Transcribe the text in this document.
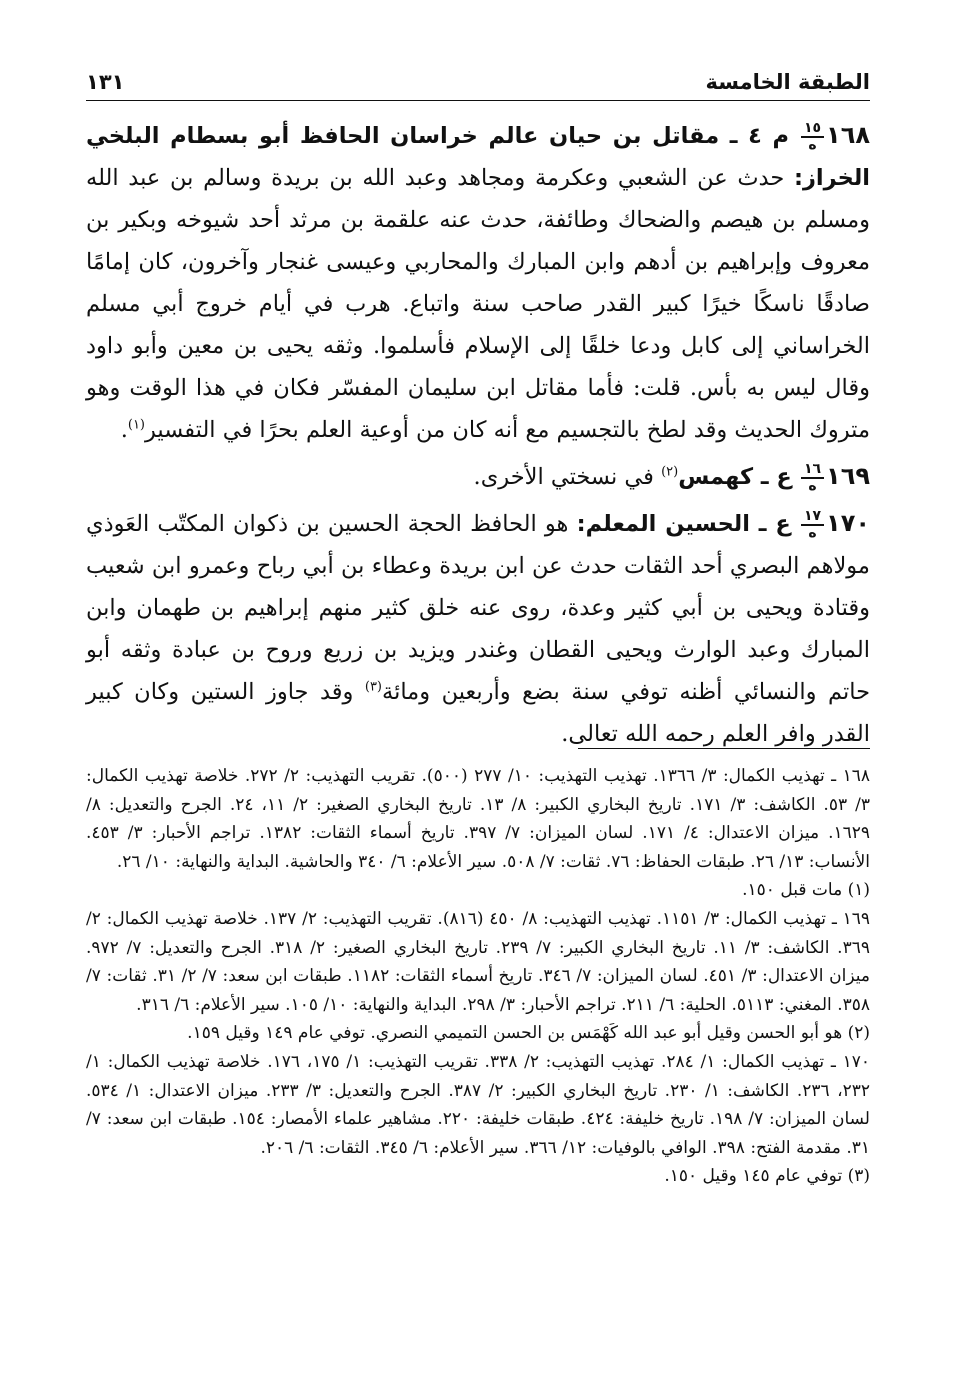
الطبقة الخامسة
١٣١

١٦٨
$\frac{١٥}{\text{ه}}$
م ٤ ـ مقاتل بن حيان عالم خراسان الحافظ أبو بسطام البلخي الخراز: حدث عن الشعبي وعكرمة ومجاهد وعبد الله بن بريدة وسالم بن عبد الله ومسلم بن هيصم والضحاك وطائفة، حدث عنه علقمة بن مرثد أحد شيوخه وبكير بن معروف وإبراهيم بن أدهم وابن المبارك والمحاربي وعيسى غنجار وآخرون، كان إمامًا صادقًا ناسكًا خيرًا كبير القدر صاحب سنة واتباع. هرب في أيام خروج أبي مسلم الخراساني إلى كابل ودعا خلقًا إلى الإسلام فأسلموا. وثقه يحيى بن معين وأبو داود وقال ليس به بأس. قلت: فأما مقاتل ابن سليمان المفسّر فكان في هذا الوقت وهو متروك الحديث وقد لطخ بالتجسيم مع أنه كان من أوعية العلم بحرًا في التفسير$^{(١)}$.

١٦٩
$\frac{١٦}{\text{ه}}$
ع ـ كهمس$^{(٢)}$ في نسختي الأخرى.

١٧٠
$\frac{١٧}{\text{ه}}$
ع ـ الحسين المعلم: هو الحافظ الحجة الحسين بن ذكوان المكتّب العَوذي مولاهم البصري أحد الثقات حدث عن ابن بريدة وعطاء بن أبي رباح وعمرو ابن شعيب وقتادة ويحيى بن أبي كثير وعدة، روى عنه خلق كثير منهم إبراهيم بن طهمان وابن المبارك وعبد الوارث ويحيى القطان وغندر ويزيد بن زريع وروح بن عبادة وثقه أبو حاتم والنسائي أظنه توفي سنة بضع وأربعين ومائة$^{(٣)}$ وقد جاوز الستين وكان كبير القدر وافر العلم رحمه الله تعالى.

١٦٨ ـ تهذيب الكمال: ٣/ ١٣٦٦. تهذيب التهذيب: ١٠/ ٢٧٧ (٥٠٠). تقريب التهذيب: ٢/ ٢٧٢. خلاصة تهذيب الكمال: ٣/ ٥٣. الكاشف: ٣/ ١٧١. تاريخ البخاري الكبير: ٨/ ١٣. تاريخ البخاري الصغير: ٢/ ١١، ٢٤. الجرح والتعديل: ٨/ ١٦٢٩. ميزان الاعتدال: ٤/ ١٧١. لسان الميزان: ٧/ ٣٩٧. تاريخ أسماء الثقات: ١٣٨٢. تراجم الأحبار: ٣/ ٤٥٣. الأنساب: ١٣/ ٢٦. طبقات الحفاظ: ٧٦. ثقات: ٧/ ٥٠٨. سير الأعلام: ٦/ ٣٤٠ والحاشية. البداية والنهاية: ١٠/ ٢٦.

(١) مات قبل ١٥٠.

١٦٩ ـ تهذيب الكمال: ٣/ ١١٥١. تهذيب التهذيب: ٨/ ٤٥٠ (٨١٦). تقريب التهذيب: ٢/ ١٣٧. خلاصة تهذيب الكمال: ٢/ ٣٦٩. الكاشف: ٣/ ١١. تاريخ البخاري الكبير: ٧/ ٢٣٩. تاريخ البخاري الصغير: ٢/ ٣١٨. الجرح والتعديل: ٧/ ٩٧٢. ميزان الاعتدال: ٣/ ٤٥١. لسان الميزان: ٧/ ٣٤٦. تاريخ أسماء الثقات: ١١٨٢. طبقات ابن سعد: ٧/ ٢/ ٣١. ثقات: ٧/ ٣٥٨. المغني: ٥١١٣. الحلية: ٦/ ٢١١. تراجم الأحبار: ٣/ ٢٩٨. البداية والنهاية: ١٠/ ١٠٥. سير الأعلام: ٦/ ٣١٦.

(٢) هو أبو الحسن وقيل أبو عبد الله كَهْمَس بن الحسن التميمي النصري. توفي عام ١٤٩ وقيل ١٥٩.

١٧٠ ـ تهذيب الكمال: ١/ ٢٨٤. تهذيب التهذيب: ٢/ ٣٣٨. تقريب التهذيب: ١/ ١٧٥، ١٧٦. خلاصة تهذيب الكمال: ١/ ٢٣٢، ٢٣٦. الكاشف: ١/ ٢٣٠. تاريخ البخاري الكبير: ٢/ ٣٨٧. الجرح والتعديل: ٣/ ٢٣٣. ميزان الاعتدال: ١/ ٥٣٤. لسان الميزان: ٧/ ١٩٨. تاريخ خليفة: ٤٢٤. طبقات خليفة: ٢٢٠. مشاهير علماء الأمصار: ١٥٤. طبقات ابن سعد: ٧/ ٣١. مقدمة الفتح: ٣٩٨. الوافي بالوفيات: ١٢/ ٣٦٦. سير الأعلام: ٦/ ٣٤٥. الثقات: ٦/ ٢٠٦.

(٣) توفي عام ١٤٥ وقيل ١٥٠.
